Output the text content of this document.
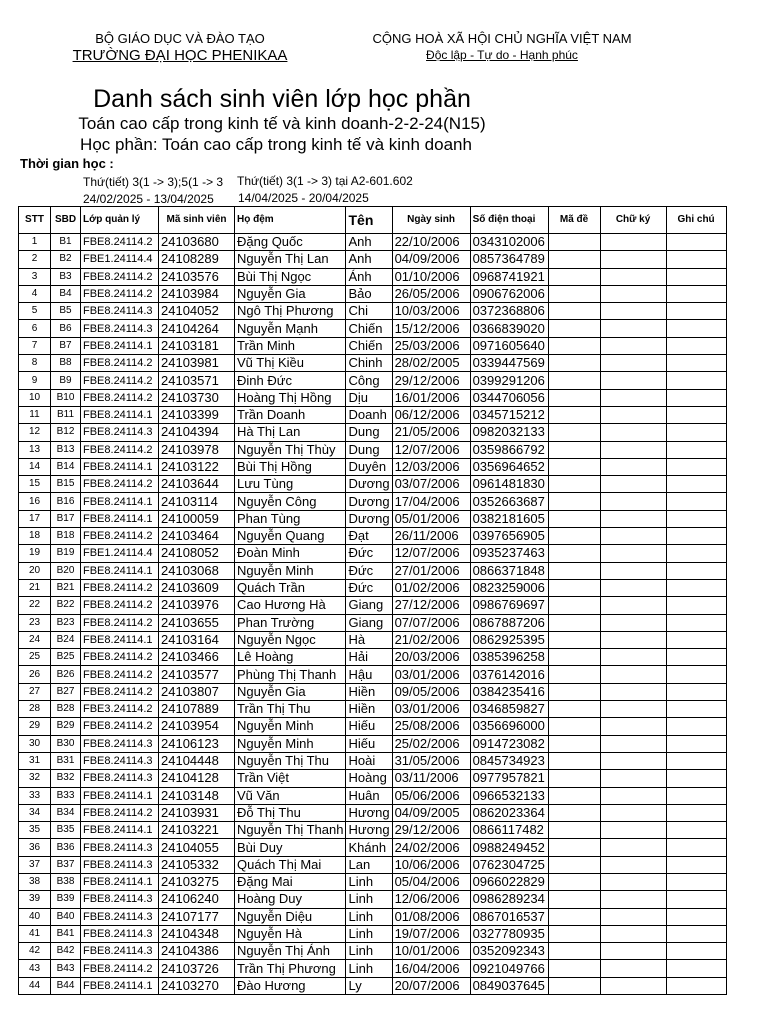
BỘ GIÁO DỤC VÀ ĐÀO TẠO
TRƯỜNG ĐẠI HỌC PHENIKAA
CỘNG HOÀ XÃ HỘI CHỦ NGHĨA VIỆT NAM
Độc lập - Tự do - Hạnh phúc
Danh sách sinh viên lớp học phần
Toán cao cấp trong kinh tế và kinh doanh-2-2-24(N15)
Học phần: Toán cao cấp trong kinh tế và kinh doanh
Thời gian học :
Thứ(tiết) 3(1 -> 3);5(1 -> 3 Thứ(tiết) 3(1 -> 3) tại A2-601.602
24/02/2025 - 13/04/2025 14/04/2025 - 20/04/2025
STT	SBD	Lớp quản lý	Mã sinh viên	Họ đệm	Tên	Ngày sinh	Số điện thoại	Mã đề	Chữ ký	Ghi chú
1	B1	FBE8.24114.2	24103680	Đặng Quốc	Anh	22/10/2006	0343102006			
2	B2	FBE1.24114.4	24108289	Nguyễn Thị Lan	Anh	04/09/2006	0857364789			
3	B3	FBE8.24114.2	24103576	Bùi Thị Ngọc	Ánh	01/10/2006	0968741921			
4	B4	FBE8.24114.2	24103984	Nguyễn Gia	Bảo	26/05/2006	0906762006			
5	B5	FBE8.24114.3	24104052	Ngô Thị Phương	Chi	10/03/2006	0372368806			
6	B6	FBE8.24114.3	24104264	Nguyễn Mạnh	Chiến	15/12/2006	0366839020			
7	B7	FBE8.24114.1	24103181	Trần Minh	Chiến	25/03/2006	0971605640			
8	B8	FBE8.24114.2	24103981	Vũ Thị Kiều	Chinh	28/02/2005	0339447569			
9	B9	FBE8.24114.2	24103571	Đinh Đức	Công	29/12/2006	0399291206			
10	B10	FBE8.24114.2	24103730	Hoàng Thị Hồng	Dịu	16/01/2006	0344706056			
11	B11	FBE8.24114.1	24103399	Trần Doanh	Doanh	06/12/2006	0345715212			
12	B12	FBE8.24114.3	24104394	Hà Thị Lan	Dung	21/05/2006	0982032133			
13	B13	FBE8.24114.2	24103978	Nguyễn Thị Thùy	Dung	12/07/2006	0359866792			
14	B14	FBE8.24114.1	24103122	Bùi Thị Hồng	Duyên	12/03/2006	0356964652			
15	B15	FBE8.24114.2	24103644	Lưu Tùng	Dương	03/07/2006	0961481830			
16	B16	FBE8.24114.1	24103114	Nguyễn Công	Dương	17/04/2006	0352663687			
17	B17	FBE8.24114.1	24100059	Phan Tùng	Dương	05/01/2006	0382181605			
18	B18	FBE8.24114.2	24103464	Nguyễn Quang	Đạt	26/11/2006	0397656905			
19	B19	FBE1.24114.4	24108052	Đoàn Minh	Đức	12/07/2006	0935237463			
20	B20	FBE8.24114.1	24103068	Nguyễn Minh	Đức	27/01/2006	0866371848			
21	B21	FBE8.24114.2	24103609	Quách Trần	Đức	01/02/2006	0823259006			
22	B22	FBE8.24114.2	24103976	Cao Hương Hà	Giang	27/12/2006	0986769697			
23	B23	FBE8.24114.2	24103655	Phan Trường	Giang	07/07/2006	0867887206			
24	B24	FBE8.24114.1	24103164	Nguyễn Ngọc	Hà	21/02/2006	0862925395			
25	B25	FBE8.24114.2	24103466	Lê Hoàng	Hải	20/03/2006	0385396258			
26	B26	FBE8.24114.2	24103577	Phùng Thị Thanh	Hậu	03/01/2006	0376142016			
27	B27	FBE8.24114.2	24103807	Nguyễn Gia	Hiền	09/05/2006	0384235416			
28	B28	FBE3.24114.2	24107889	Trần Thị Thu	Hiền	03/01/2006	0346859827			
29	B29	FBE8.24114.2	24103954	Nguyễn Minh	Hiếu	25/08/2006	0356696000			
30	B30	FBE8.24114.3	24106123	Nguyễn Minh	Hiếu	25/02/2006	0914723082			
31	B31	FBE8.24114.3	24104448	Nguyễn Thị Thu	Hoài	31/05/2006	0845734923			
32	B32	FBE8.24114.3	24104128	Trần Việt	Hoàng	03/11/2006	0977957821			
33	B33	FBE8.24114.1	24103148	Vũ Văn	Huân	05/06/2006	0966532133			
34	B34	FBE8.24114.2	24103931	Đỗ Thị Thu	Hương	04/09/2005	0862023364			
35	B35	FBE8.24114.1	24103221	Nguyễn Thị Thanh	Hương	29/12/2006	0866117482			
36	B36	FBE8.24114.3	24104055	Bùi Duy	Khánh	24/02/2006	0988249452			
37	B37	FBE8.24114.3	24105332	Quách Thị Mai	Lan	10/06/2006	0762304725			
38	B38	FBE8.24114.1	24103275	Đặng Mai	Linh	05/04/2006	0966022829			
39	B39	FBE8.24114.3	24106240	Hoàng Duy	Linh	12/06/2006	0986289234			
40	B40	FBE8.24114.3	24107177	Nguyễn Diệu	Linh	01/08/2006	0867016537			
41	B41	FBE8.24114.3	24104348	Nguyễn Hà	Linh	19/07/2006	0327780935			
42	B42	FBE8.24114.3	24104386	Nguyễn Thị Ánh	Linh	10/01/2006	0352092343			
43	B43	FBE8.24114.2	24103726	Trần Thị Phương	Linh	16/04/2006	0921049766			
44	B44	FBE8.24114.1	24103270	Đào Hương	Ly	20/07/2006	0849037645			
